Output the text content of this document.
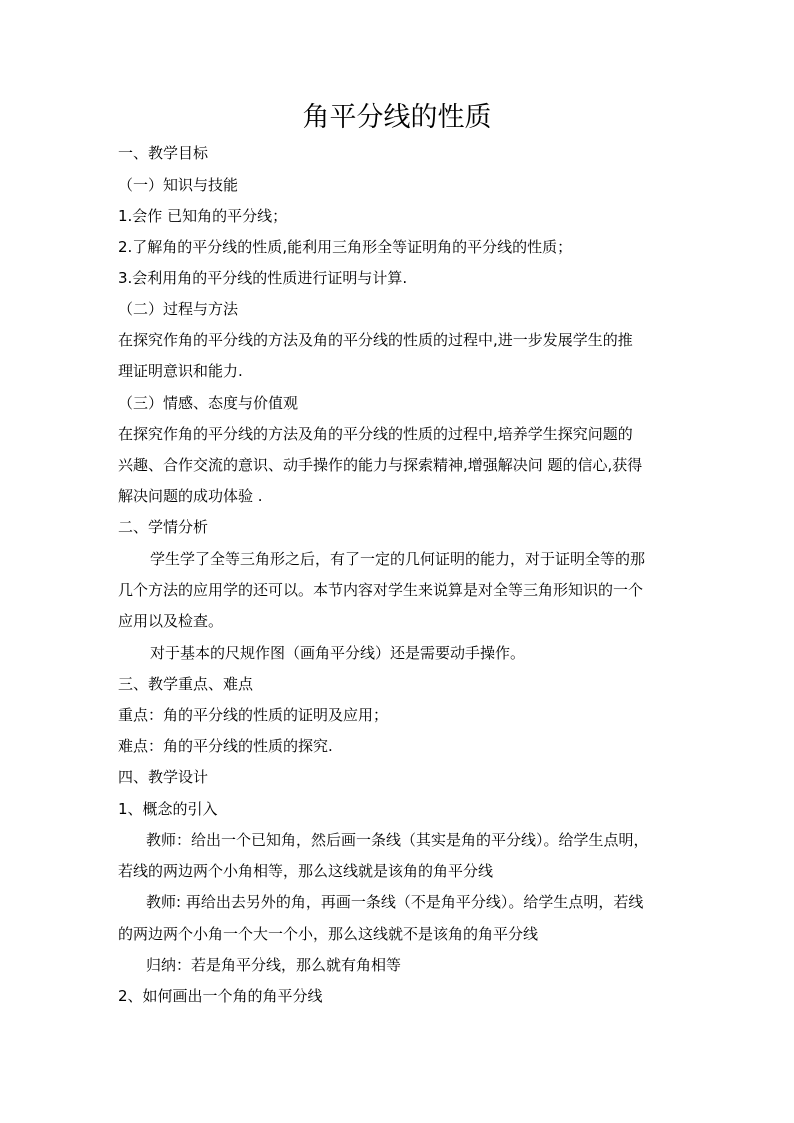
角平分线的性质
一、教学目标
（一）知识与技能
1.会作 已知角的平分线；
2.了解角的平分线的性质,能利用三角形全等证明角的平分线的性质；
3.会利用角的平分线的性质进行证明与计算.
（二）过程与方法
在探究作角的平分线的方法及角的平分线的性质的过程中,进一步发展学生的推
理证明意识和能力.
（三）情感、态度与价值观
在探究作角的平分线的方法及角的平分线的性质的过程中,培养学生探究问题的
兴趣、合作交流的意识、动手操作的能力与探索精神,增强解决问 题的信心,获得
解决问题的成功体验 .
二、学情分析
学生学了全等三角形之后，有了一定的几何证明的能力，对于证明全等的那
几个方法的应用学的还可以。本节内容对学生来说算是对全等三角形知识的一个
应用以及检查。
对于基本的尺规作图（画角平分线）还是需要动手操作。
三、教学重点、难点
重点：角的平分线的性质的证明及应用；
难点：角的平分线的性质的探究.
四、教学设计
1、概念的引入
教师：给出一个已知角，然后画一条线（其实是角的平分线）。给学生点明，
若线的两边两个小角相等，那么这线就是该角的角平分线
教师: 再给出去另外的角，再画一条线（不是角平分线）。给学生点明，若线
的两边两个小角一个大一个小，那么这线就不是该角的角平分线
归纳：若是角平分线，那么就有角相等
2、如何画出一个角的角平分线
